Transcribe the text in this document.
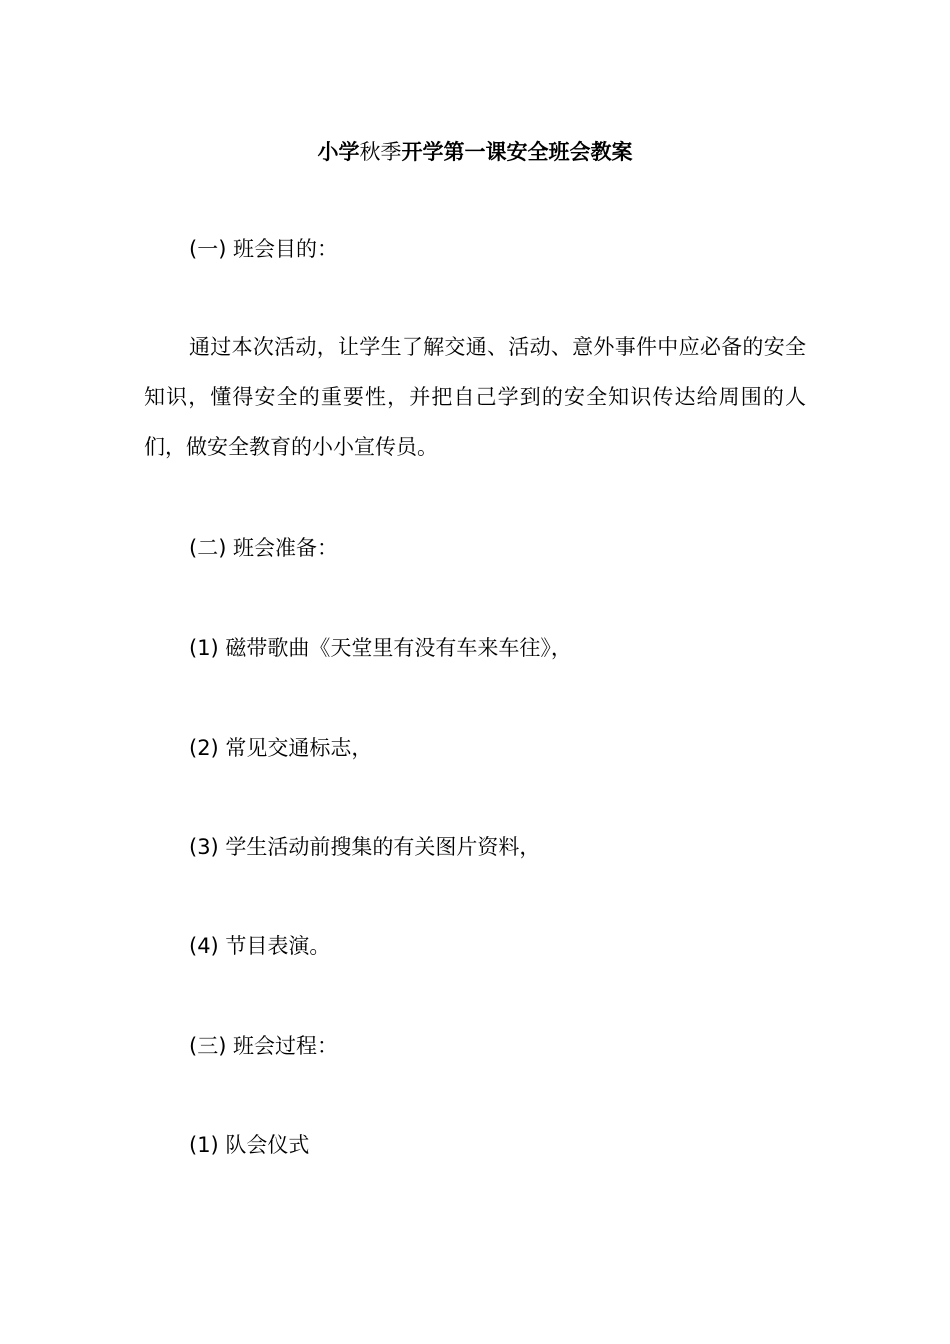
小学秋季开学第一课安全班会教案
(一) 班会目的：
通过本次活动，让学生了解交通、活动、意外事件中应必备的安全知识，懂得安全的重要性，并把自己学到的安全知识传达给周围的人们，做安全教育的小小宣传员。
(二) 班会准备：
(1) 磁带歌曲《天堂里有没有车来车往》，
(2) 常见交通标志，
(3) 学生活动前搜集的有关图片资料，
(4) 节目表演。
(三) 班会过程：
(1) 队会仪式
